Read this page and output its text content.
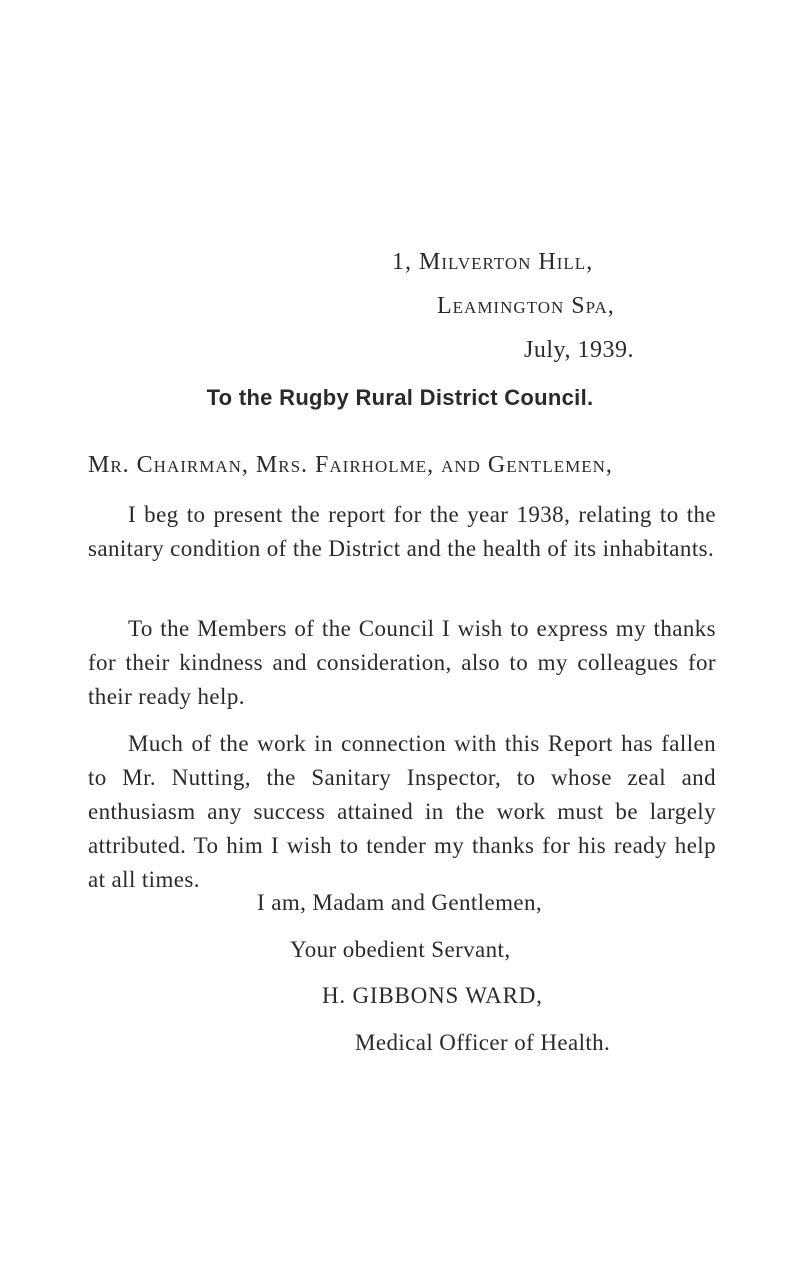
1, Milverton Hill,
Leamington Spa,
July, 1939.
To the Rugby Rural District Council.
Mr. Chairman, Mrs. Fairholme, and Gentlemen,

I beg to present the report for the year 1938, relating to the sanitary condition of the District and the health of its inhabitants.

To the Members of the Council I wish to express my thanks for their kindness and consideration, also to my colleagues for their ready help.

Much of the work in connection with this Report has fallen to Mr. Nutting, the Sanitary Inspector, to whose zeal and enthusiasm any success attained in the work must be largely attributed. To him I wish to tender my thanks for his ready help at all times.

I am, Madam and Gentlemen,
Your obedient Servant,
H. GIBBONS WARD,
Medical Officer of Health.
